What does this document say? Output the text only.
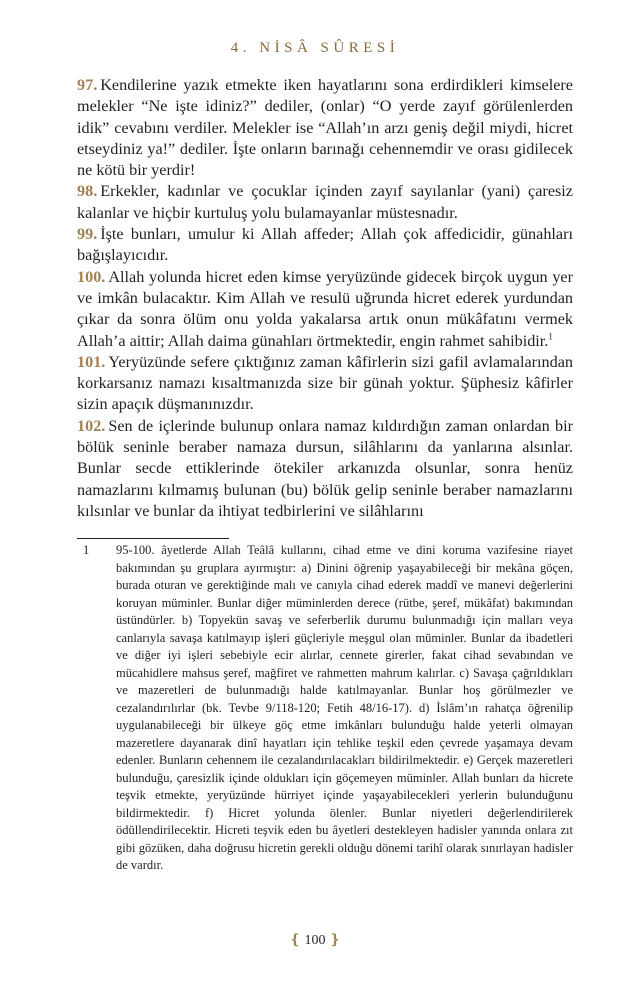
4. NİSÂ SÛRESİ

97. Kendilerine yazık etmekte iken hayatlarını sona erdirdikleri kimselere melekler “Ne işte idiniz?” dediler, (onlar) “O yerde zayıf görülenlerden idik” cevabını verdiler. Melekler ise “Allah’ın arzı geniş değil miydi, hicret etseydiniz ya!” dediler. İşte onların barınağı cehennemdir ve orası gidilecek ne kötü bir yerdir!

98. Erkekler, kadınlar ve çocuklar içinden zayıf sayılanlar (yani) çaresiz kalanlar ve hiçbir kurtuluş yolu bulamayanlar müstesnadır.

99. İşte bunları, umulur ki Allah affeder; Allah çok affedicidir, günahları bağışlayıcıdır.

100. Allah yolunda hicret eden kimse yeryüzünde gidecek birçok uygun yer ve imkân bulacaktır. Kim Allah ve resulü uğrunda hicret ederek yurdundan çıkar da sonra ölüm onu yolda yakalarsa artık onun mükâfatını vermek Allah’a aittir; Allah daima günahları örtmektedir, engin rahmet sahibidir.$^1$

101. Yeryüzünde sefere çıktığınız zaman kâfirlerin sizi gafil avlamalarından korkarsanız namazı kısaltmanızda size bir günah yoktur. Şüphesiz kâfirler sizin apaçık düşmanınızdır.

102. Sen de içlerinde bulunup onlara namaz kıldırdığın zaman onlardan bir bölük seninle beraber namaza dursun, silâhlarını da yanlarına alsınlar. Bunlar secde ettiklerinde ötekiler arkanızda olsunlar, sonra henüz namazlarını kılmamış bulunan (bu) bölük gelip seninle beraber namazlarını kılsınlar ve bunlar da ihtiyat tedbirlerini ve silâhlarını

1 95-100. âyetlerde Allah Teâlâ kullarını, cihad etme ve dini koruma vazifesine riayet bakımından şu gruplara ayırmıştır: a) Dinini öğrenip yaşayabileceği bir mekâna göçen, burada oturan ve gerektiğinde malı ve canıyla cihad ederek maddî ve manevi değerlerini koruyan müminler. Bunlar diğer müminlerden derece (rütbe, şeref, mükâfat) bakımından üstündürler. b) Topyekün savaş ve seferberlik durumu bulunmadığı için malları veya canlarıyla savaşa katılmayıp işleri güçleriyle meşgul olan müminler. Bunlar da ibadetleri ve diğer iyi işleri sebebiyle ecir alırlar, cennete girerler, fakat cihad sevabından ve mücahidlere mahsus şeref, mağfiret ve rahmetten mahrum kalırlar. c) Savaşa çağrıldıkları ve mazeretleri de bulunmadığı halde katılmayanlar. Bunlar hoş görülmezler ve cezalandırılırlar (bk. Tevbe 9/118-120; Fetih 48/16-17). d) İslâm’ın rahatça öğrenilip uygulanabileceği bir ülkeye göç etme imkânları bulunduğu halde yeterli olmayan mazeretlere dayanarak dinî hayatları için tehlike teşkil eden çevrede yaşamaya devam edenler. Bunların cehennem ile cezalandırılacakları bildirilmektedir. e) Gerçek mazeretleri bulunduğu, çaresizlik içinde oldukları için göçemeyen müminler. Allah bunları da hicrete teşvik etmekte, yeryüzünde hürriyet içinde yaşayabilecekleri yerlerin bulunduğunu bildirmektedir. f) Hicret yolunda ölenler. Bunlar niyetleri değerlendirilerek ödüllendirilecektir. Hicreti teşvik eden bu âyetleri destekleyen hadisler yanında onlara zıt gibi gözüken, daha doğrusu hicretin gerekli olduğu dönemi tarihî olarak sınırlayan hadisler de vardır.
❴ 100 ❵
